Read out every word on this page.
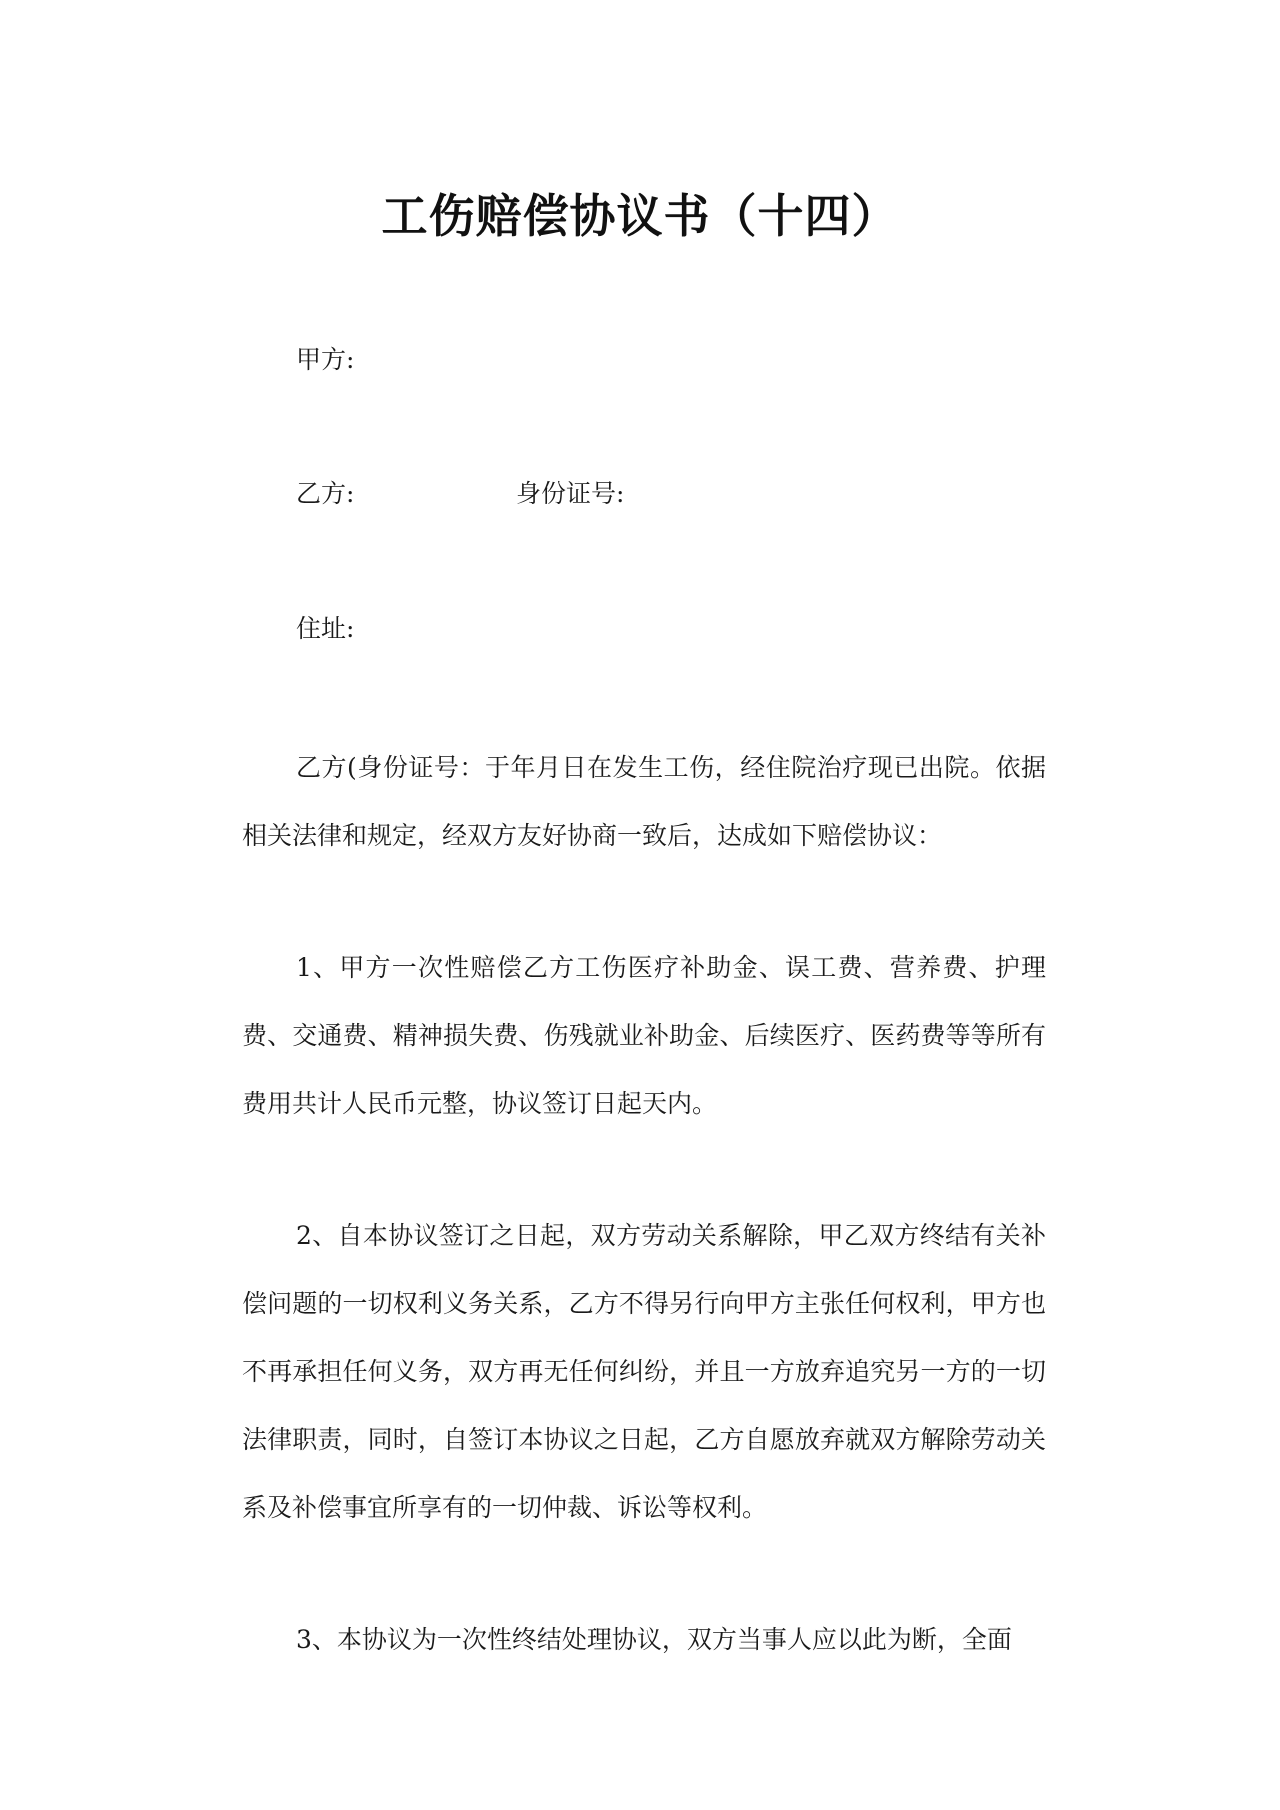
工伤赔偿协议书（十四）
甲方:
乙方:	身份证号:
住址:

乙方(身份证号：于年月日在发生工伤，经住院治疗现已出院。依据相关法律和规定，经双方友好协商一致后，达成如下赔偿协议：

1、甲方一次性赔偿乙方工伤医疗补助金、误工费、营养费、护理费、交通费、精神损失费、伤残就业补助金、后续医疗、医药费等等所有费用共计人民币元整，协议签订日起天内。

2、自本协议签订之日起，双方劳动关系解除，甲乙双方终结有关补偿问题的一切权利义务关系，乙方不得另行向甲方主张任何权利，甲方也不再承担任何义务，双方再无任何纠纷，并且一方放弃追究另一方的一切法律职责，同时，自签订本协议之日起，乙方自愿放弃就双方解除劳动关系及补偿事宜所享有的一切仲裁、诉讼等权利。

3、本协议为一次性终结处理协议，双方当事人应以此为断，全面
